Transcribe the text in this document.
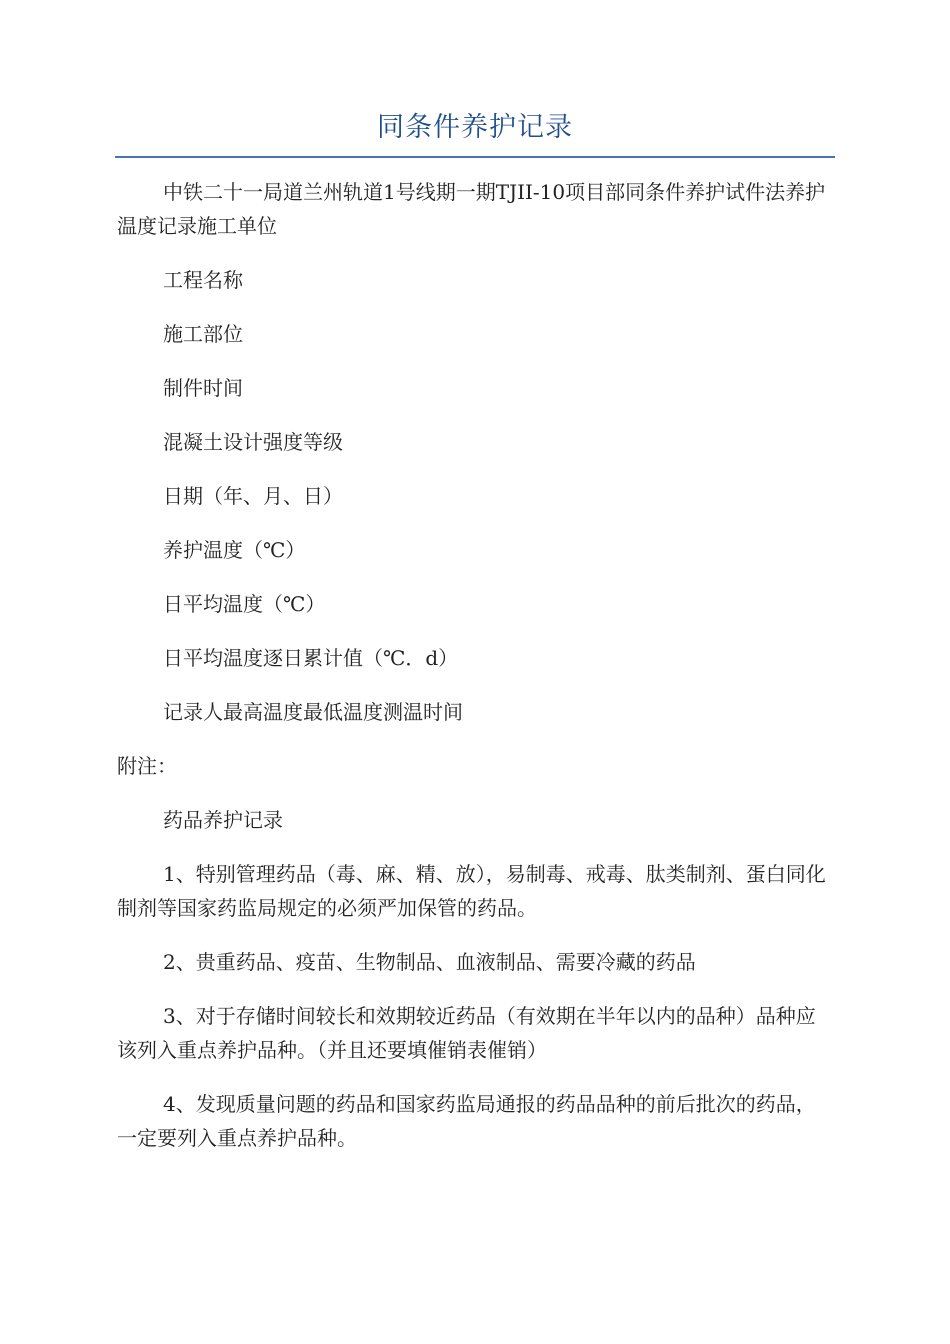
同条件养护记录

中铁二十一局道兰州轨道1号线期一期TJII-10项目部同条件养护试件法养护温度记录施工单位

工程名称

施工部位

制件时间

混凝土设计强度等级

日期（年、月、日）

养护温度（℃）

日平均温度（℃）

日平均温度逐日累计值（℃．d）

记录人最高温度最低温度测温时间

附注：

药品养护记录

1、特别管理药品（毒、麻、精、放），易制毒、戒毒、肽类制剂、蛋白同化制剂等国家药监局规定的必须严加保管的药品。

2、贵重药品、疫苗、生物制品、血液制品、需要冷藏的药品

3、对于存储时间较长和效期较近药品（有效期在半年以内的品种）品种应该列入重点养护品种。（并且还要填催销表催销）

4、发现质量问题的药品和国家药监局通报的药品品种的前后批次的药品，一定要列入重点养护品种。
